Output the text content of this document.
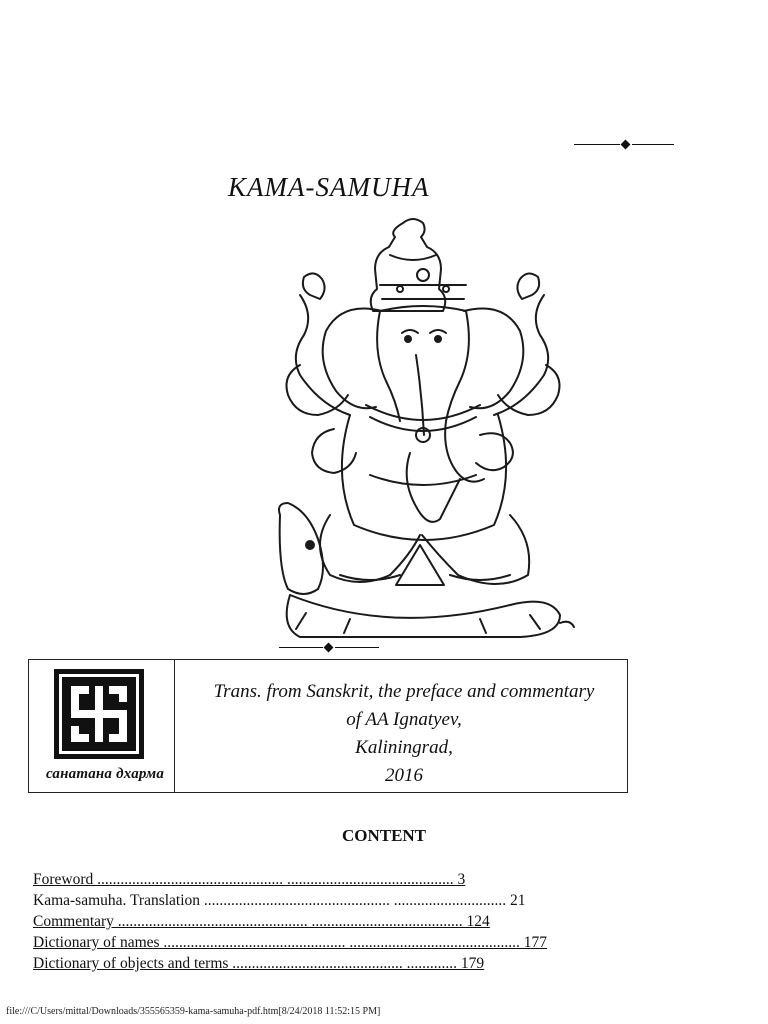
KAMA-SAMUHA
санатана дхарма
Trans. from Sanskrit, the preface and commentary
of AA Ignatyev,
Kaliningrad,
2016
CONTENT
Foreword ................................................ ........................................... 3
Kama-samuha. Translation ................................................ ............................. 21
Commentary ................................................. ....................................... 124
Dictionary of names ............................................... ............................................ 177
Dictionary of objects and terms ............................................ ............. 179
file:///C/Users/mittal/Downloads/355565359-kama-samuha-pdf.htm[8/24/2018 11:52:15 PM]
